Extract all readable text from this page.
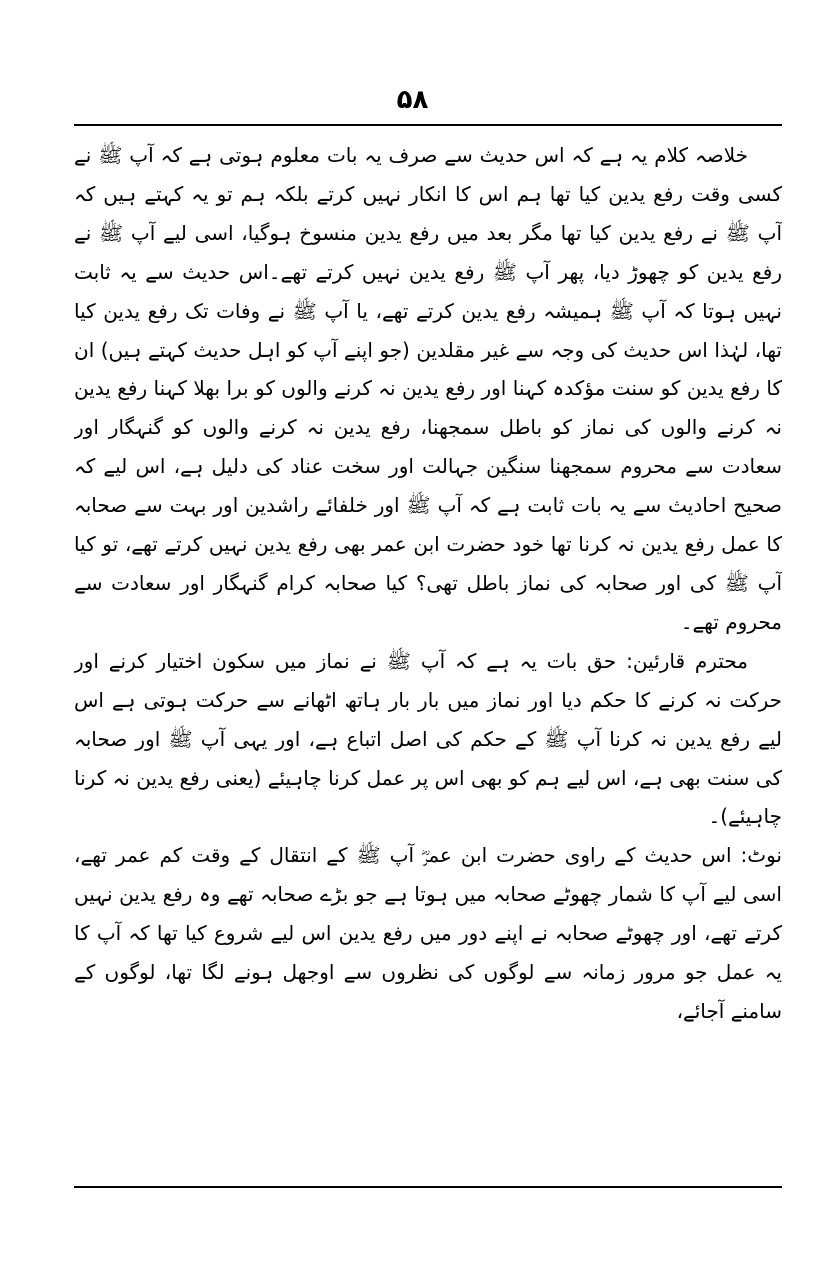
۵۸

خلاصہ کلام یہ ہے کہ اس حدیث سے صرف یہ بات معلوم ہوتی ہے کہ آپ ﷺ نے کسی وقت رفع یدین کیا تھا ہم اس کا انکار نہیں کرتے بلکہ ہم تو یہ کہتے ہیں کہ آپ ﷺ نے رفع یدین کیا تھا مگر بعد میں رفع یدین منسوخ ہوگیا، اسی لیے آپ ﷺ نے رفع یدین کو چھوڑ دیا، پھر آپ ﷺ رفع یدین نہیں کرتے تھے۔اس حدیث سے یہ ثابت نہیں ہوتا کہ آپ ﷺ ہمیشہ رفع یدین کرتے تھے، یا آپ ﷺ نے وفات تک رفع یدین کیا تھا، لہٰذا اس حدیث کی وجہ سے غیر مقلدین (جو اپنے آپ کو اہل حدیث کہتے ہیں) ان کا رفع یدین کو سنت مؤکدہ کہنا اور رفع یدین نہ کرنے والوں کو برا بھلا کہنا رفع یدین نہ کرنے والوں کی نماز کو باطل سمجھنا، رفع یدین نہ کرنے والوں کو گنہگار اور سعادت سے محروم سمجھنا سنگین جہالت اور سخت عناد کی دلیل ہے، اس لیے کہ صحیح احادیث سے یہ بات ثابت ہے کہ آپ ﷺ اور خلفائے راشدین اور بہت سے صحابہ کا عمل رفع یدین نہ کرنا تھا خود حضرت ابن عمر بھی رفع یدین نہیں کرتے تھے، تو کیا آپ ﷺ کی اور صحابہ کی نماز باطل تھی؟ کیا صحابہ کرام گنہگار اور سعادت سے محروم تھے۔

محترم قارئین: حق بات یہ ہے کہ آپ ﷺ نے نماز میں سکون اختیار کرنے اور حرکت نہ کرنے کا حکم دیا اور نماز میں بار بار ہاتھ اٹھانے سے حرکت ہوتی ہے اس لیے رفع یدین نہ کرنا آپ ﷺ کے حکم کی اصل اتباع ہے، اور یہی آپ ﷺ اور صحابہ کی سنت بھی ہے، اس لیے ہم کو بھی اس پر عمل کرنا چاہیئے (یعنی رفع یدین نہ کرنا چاہیئے)۔

نوٹ: اس حدیث کے راوی حضرت ابن عمرؓ آپ ﷺ کے انتقال کے وقت کم عمر تھے، اسی لیے آپ کا شمار چھوٹے صحابہ میں ہوتا ہے جو بڑے صحابہ تھے وہ رفع یدین نہیں کرتے تھے، اور چھوٹے صحابہ نے اپنے دور میں رفع یدین اس لیے شروع کیا تھا کہ آپ کا یہ عمل جو مرور زمانہ سے لوگوں کی نظروں سے اوجھل ہونے لگا تھا، لوگوں کے سامنے آجائے،
